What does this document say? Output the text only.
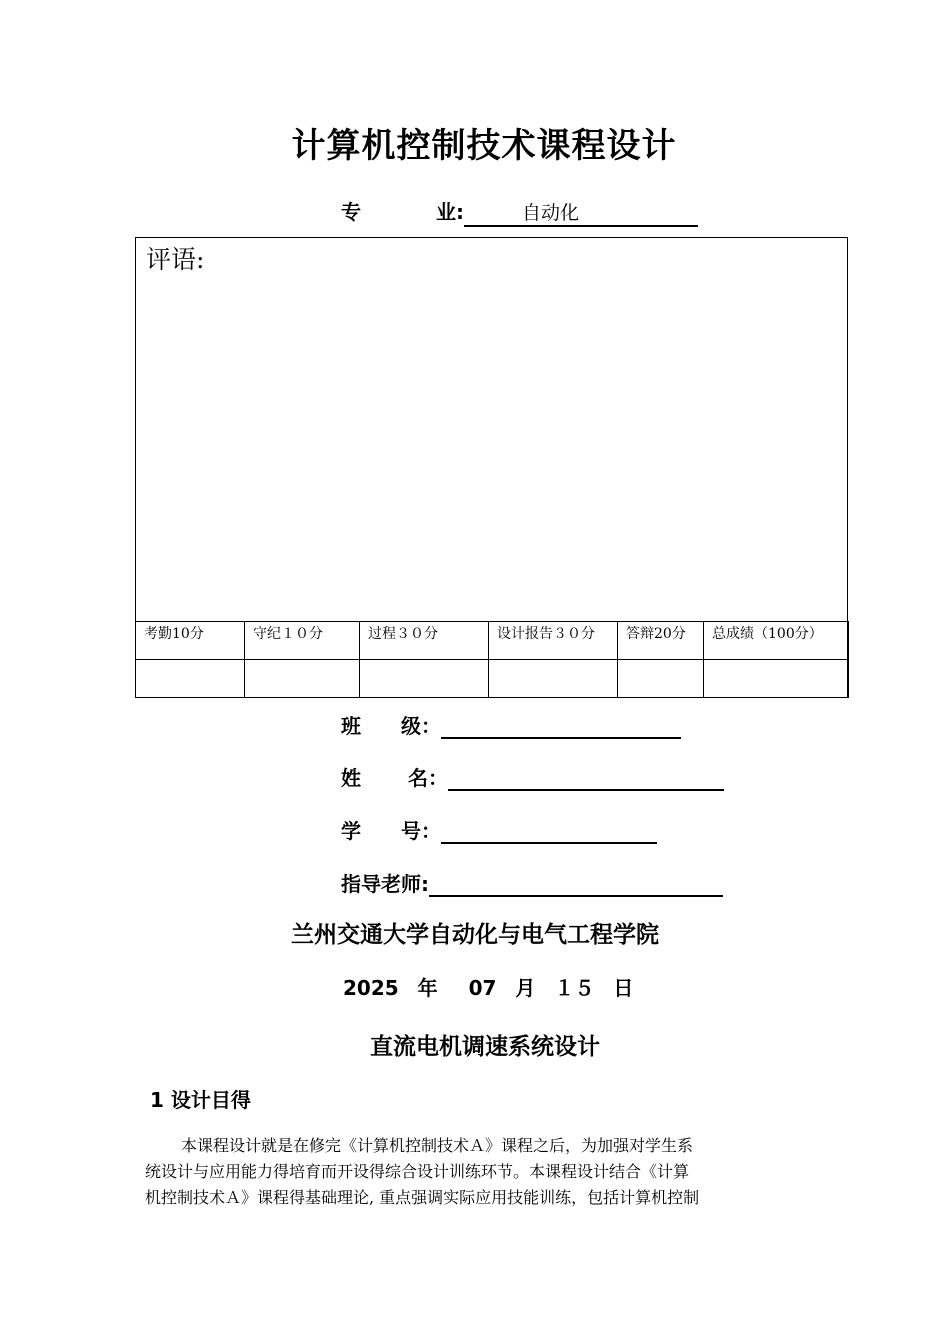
计算机控制技术课程设计
专	业:	自动化
评语:
考勤10分	守纪１０分	过程３０分	设计报告３０分	答辩20分	总成绩（100分）

班　　级：
姓　　 名：
学　　号：
指导老师:
兰州交通大学自动化与电气工程学院
2025 年 07 月 １５ 日
直流电机调速系统设计
1 设计目得
本课程设计就是在修完《计算机控制技术Ａ》课程之后，为加强对学生系
统设计与应用能力得培育而开设得综合设计训练环节。本课程设计结合《计算
机控制技术Ａ》课程得基础理论, 重点强调实际应用技能训练，包括计算机控制
